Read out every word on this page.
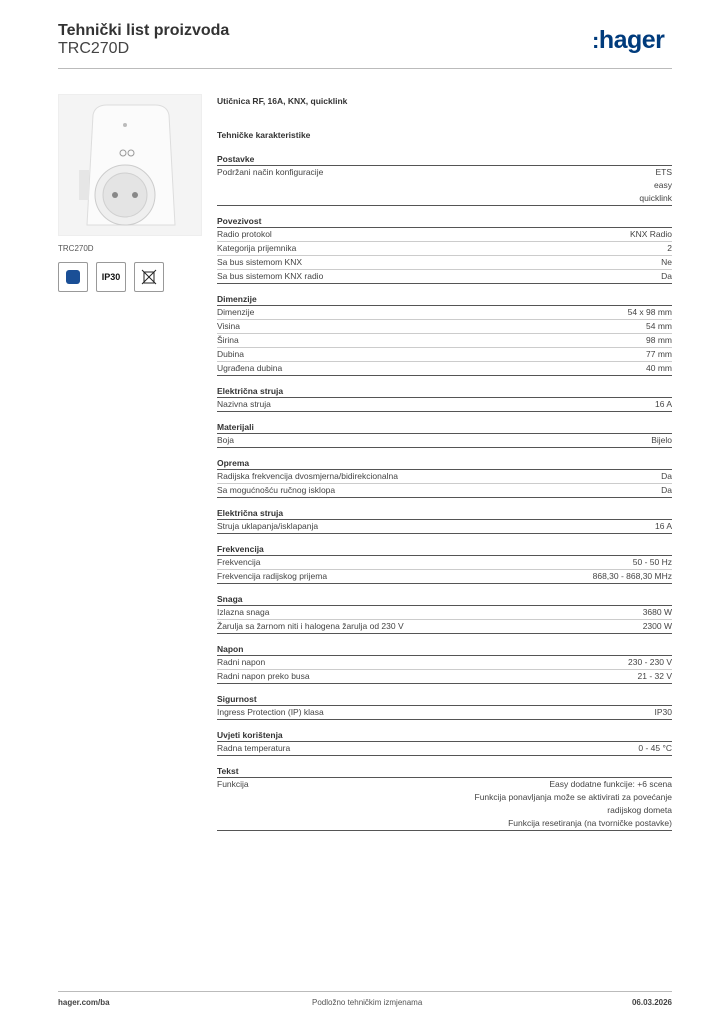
Tehnički list proizvoda
TRC270D	:hager
TRC270D
IP30
Utičnica RF, 16A, KNX, quicklink
Tehničke karakteristike
Postavke
Podržani način konfiguracije	ETS
easy
quicklink
Povezivost
Radio protokol	KNX Radio
Kategorija prijemnika	2
Sa bus sistemom KNX	Ne
Sa bus sistemom KNX radio	Da
Dimenzije
Dimenzije	54 x 98 mm
Visina	54 mm
Širina	98 mm
Dubina	77 mm
Ugrađena dubina	40 mm
Električna struja
Nazivna struja	16 A
Materijali
Boja	Bijelo
Oprema
Radijska frekvencija dvosmjerna/bidirekcionalna	Da
Sa mogućnošću ručnog isklopa	Da
Električna struja
Struja uklapanja/isklapanja	16 A
Frekvencija
Frekvencija	50 - 50 Hz
Frekvencija radijskog prijema	868,30 - 868,30 MHz
Snaga
Izlazna snaga	3680 W
Žarulja sa žarnom niti i halogena žarulja od 230 V	2300 W
Napon
Radni napon	230 - 230 V
Radni napon preko busa	21 - 32 V
Sigurnost
Ingress Protection (IP) klasa	IP30
Uvjeti korištenja
Radna temperatura	0 - 45 °C
Tekst
Funkcija	Easy dodatne funkcije: +6 scena
Funkcija ponavljanja može se aktivirati za povećanje
radijskog dometa
Funkcija resetiranja (na tvorničke postavke)
hager.com/ba	Podložno tehničkim izmjenama	06.03.2026
